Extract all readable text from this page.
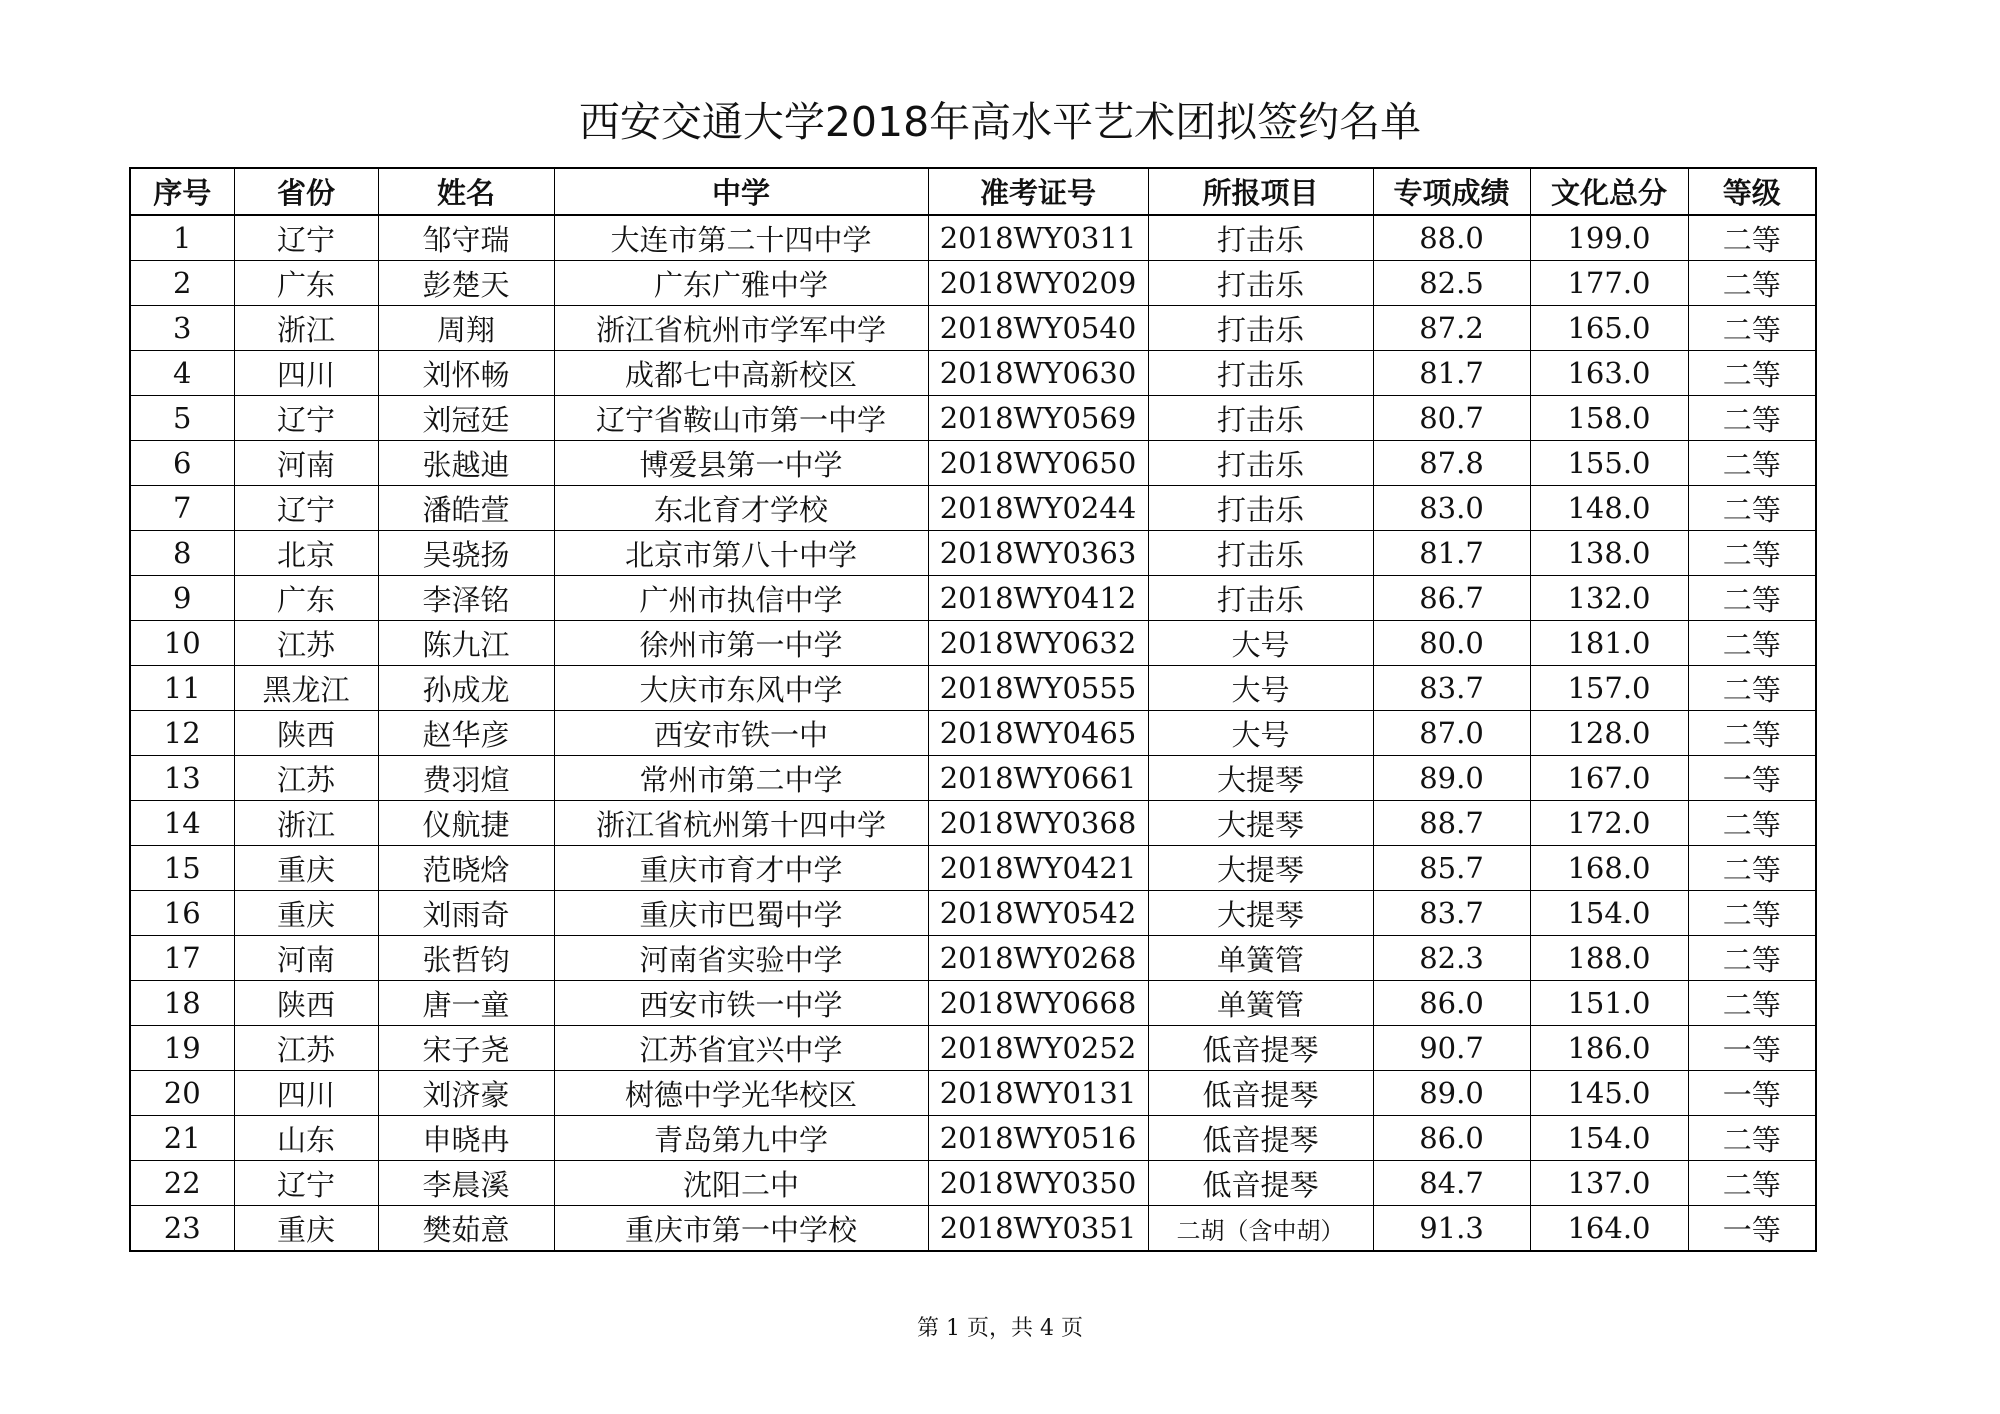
西安交通大学2018年高水平艺术团拟签约名单
序号	省份	姓名	中学	准考证号	所报项目	专项成绩	文化总分	等级
1	辽宁	邹守瑞	大连市第二十四中学	2018WY0311	打击乐	88.0	199.0	二等
2	广东	彭楚天	广东广雅中学	2018WY0209	打击乐	82.5	177.0	二等
3	浙江	周翔	浙江省杭州市学军中学	2018WY0540	打击乐	87.2	165.0	二等
4	四川	刘怀畅	成都七中高新校区	2018WY0630	打击乐	81.7	163.0	二等
5	辽宁	刘冠廷	辽宁省鞍山市第一中学	2018WY0569	打击乐	80.7	158.0	二等
6	河南	张越迪	博爱县第一中学	2018WY0650	打击乐	87.8	155.0	二等
7	辽宁	潘皓萱	东北育才学校	2018WY0244	打击乐	83.0	148.0	二等
8	北京	吴骁扬	北京市第八十中学	2018WY0363	打击乐	81.7	138.0	二等
9	广东	李泽铭	广州市执信中学	2018WY0412	打击乐	86.7	132.0	二等
10	江苏	陈九江	徐州市第一中学	2018WY0632	大号	80.0	181.0	二等
11	黑龙江	孙成龙	大庆市东风中学	2018WY0555	大号	83.7	157.0	二等
12	陕西	赵华彦	西安市铁一中	2018WY0465	大号	87.0	128.0	二等
13	江苏	费羽煊	常州市第二中学	2018WY0661	大提琴	89.0	167.0	一等
14	浙江	仪航捷	浙江省杭州第十四中学	2018WY0368	大提琴	88.7	172.0	二等
15	重庆	范晓焓	重庆市育才中学	2018WY0421	大提琴	85.7	168.0	二等
16	重庆	刘雨奇	重庆市巴蜀中学	2018WY0542	大提琴	83.7	154.0	二等
17	河南	张哲钧	河南省实验中学	2018WY0268	单簧管	82.3	188.0	二等
18	陕西	唐一童	西安市铁一中学	2018WY0668	单簧管	86.0	151.0	二等
19	江苏	宋子尧	江苏省宜兴中学	2018WY0252	低音提琴	90.7	186.0	一等
20	四川	刘济豪	树德中学光华校区	2018WY0131	低音提琴	89.0	145.0	一等
21	山东	申晓冉	青岛第九中学	2018WY0516	低音提琴	86.0	154.0	二等
22	辽宁	李晨溪	沈阳二中	2018WY0350	低音提琴	84.7	137.0	二等
23	重庆	樊茹意	重庆市第一中学校	2018WY0351	二胡（含中胡）	91.3	164.0	一等
第 1 页，共 4 页
